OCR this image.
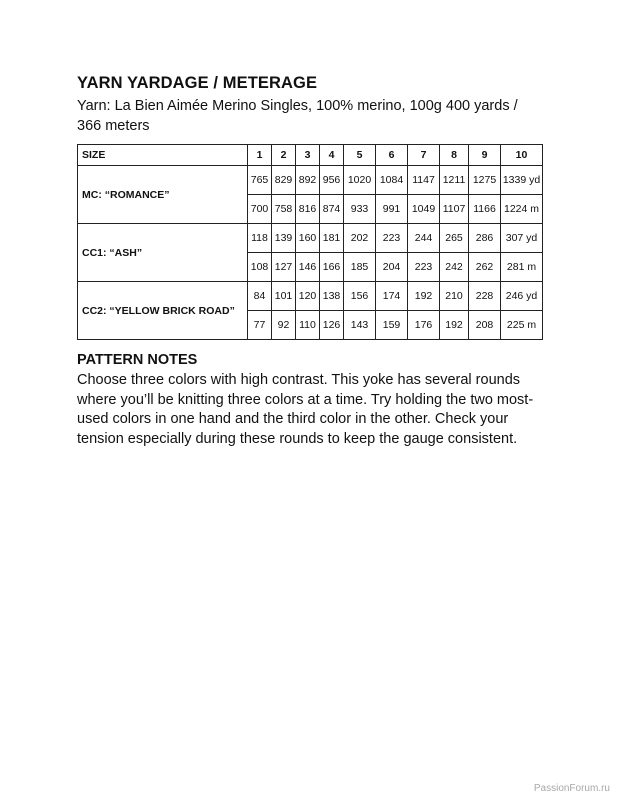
YARN YARDAGE / METERAGE

Yarn: La Bien Aimée Merino Singles, 100% merino, 100g 400 yards / 366 meters

SIZE	1	2	3	4	5	6	7	8	9	10
MC: “ROMANCE”	765	829	892	956	1020	1084	1147	1211	1275	1339 yd
	700	758	816	874	933	991	1049	1107	1166	1224 m
CC1: “ASH”	118	139	160	181	202	223	244	265	286	307 yd
	108	127	146	166	185	204	223	242	262	281 m
CC2: “YELLOW BRICK ROAD”	84	101	120	138	156	174	192	210	228	246 yd
	77	92	110	126	143	159	176	192	208	225 m
PATTERN NOTES

Choose three colors with high contrast. This yoke has several rounds where you’ll be knitting three colors at a time. Try holding the two most-used colors in one hand and the third color in the other. Check your tension especially during these rounds to keep the gauge consistent.

PassionForum.ru
